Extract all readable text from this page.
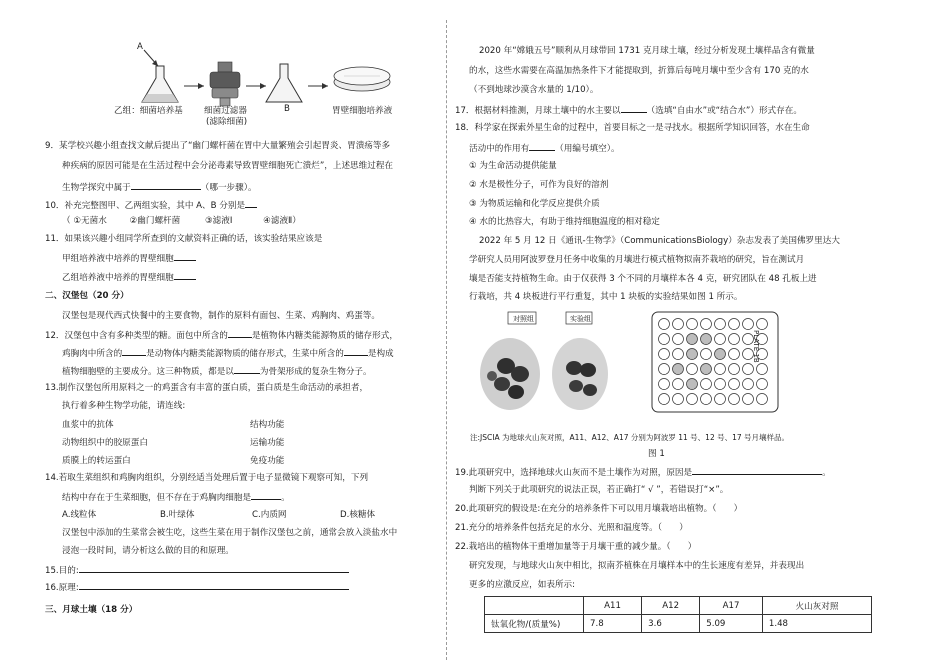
A
乙组：细菌培养基 细菌过滤器
(滤除细菌)
B	胃壁细胞培养液
9．某学校兴趣小组查找文献后提出了“幽门螺杆菌在胃中大量繁殖会引起胃炎、胃溃疡等多
种疾病的原因可能是在生活过程中会分泌毒素导致胃壁细胞死亡溃烂”，上述思维过程在
生物学探究中属于	（哪一步骤）。
10．补充完整图甲、乙两组实验，其中 A、B 分别是
（ ①无菌水	②幽门螺杆菌	③滤液Ⅰ	④滤液Ⅱ）
11．如果该兴趣小组同学所查到的文献资料正确的话，该实验结果应该是
甲组培养液中培养的胃壁细胞
乙组培养液中培养的胃壁细胞
二、汉堡包（20 分）
汉堡包是现代西式快餐中的主要食物，制作的原料有面包、生菜、鸡胸肉、鸡蛋等。
12．汉堡包中含有多种类型的糖。面包中所含的	是植物体内糖类能源物质的储存形式，
鸡胸肉中所含的	是动物体内糖类能源物质的储存形式，生菜中所含的	是构成
植物细胞壁的主要成分。这三种物质，都是以	为骨架形成的复杂生物分子。
13.制作汉堡包所用原料之一的鸡蛋含有丰富的蛋白质，蛋白质是生命活动的承担者，
执行着多种生物学功能，请连线:
血浆中的抗体	结构功能
动物组织中的胶原蛋白	运输功能
质膜上的转运蛋白	免疫功能
14.若取生菜组织和鸡胸肉组织，分别经适当处理后置于电子显微镜下观察可知，下列
结构中存在于生菜细胞，但不存在于鸡胸肉细胞是	。
A.线粒体	B.叶绿体	C.内质网	D.核糖体
汉堡包中添加的生菜常会被生吃，这些生菜在用于制作汉堡包之前，通常会放入淡盐水中
浸泡一段时间，请分析这么做的目的和原理。
15.目的:
16.原理:
三、月球土壤（18 分）
2020 年“嫦娥五号”顺利从月球带回 1731 克月球土壤，经过分析发现土壤样品含有微量
的水，这些水需要在高温加热条件下才能提取到，折算后每吨月壤中至少含有 170 克的水
（不到地球沙漠含水量的 1/10）。
17．根据材料推测，月球土壤中的水主要以	（选填“自由水”或“结合水”）形式存在。
18．科学家在探索外星生命的过程中，首要目标之一是寻找水。根据所学知识回答，水在生命
活动中的作用有	（用编号填空）。
① 为生命活动提供能量
② 水是极性分子，可作为良好的溶剂
③ 为物质运输和化学反应提供介质
④ 水的比热容大，有助于维持细胞温度的相对稳定
2022 年 5 月 12 日《通讯-生物学》（CommunicationsBiology）杂志发表了美国佛罗里达大
学研究人员用阿波罗登月任务中收集的月壤进行模式植物拟南芥栽培的研究，旨在测试月
壤是否能支持植物生命。由于仅获得 3 个不同的月壤样本各 4 克，研究团队在 48 孔板上进
行栽培，共 4 块板进行平行重复，其中 1 块板的实验结果如图 1 所示。
对照组	实验组
PLATE 1B
注:JSCIA 为地球火山灰对照，A11、A12、A17 分别为阿波罗 11 号、12 号、17 号月壤样品。
图 1
19.此项研究中，选择地球火山灰而不是土壤作为对照，原因是	。
判断下列关于此项研究的说法正误，若正确打“ √ ”，若错误打“×”。
20.此项研究的假设是:在充分的培养条件下可以用月壤栽培出植物。（　　）
21.充分的培养条件包括充足的水分、光照和温度等。（　　）
22.栽培出的植物体干重增加量等于月壤干重的减少量。（　　）
研究发现，与地球火山灰中相比，拟南芥植株在月壤样本中的生长速度有差异，并表现出
更多的应激反应，如表所示:
	A11	A12	A17	火山灰对照
钛氧化物/(质量%)	7.8	3.6	5.09	1.48
